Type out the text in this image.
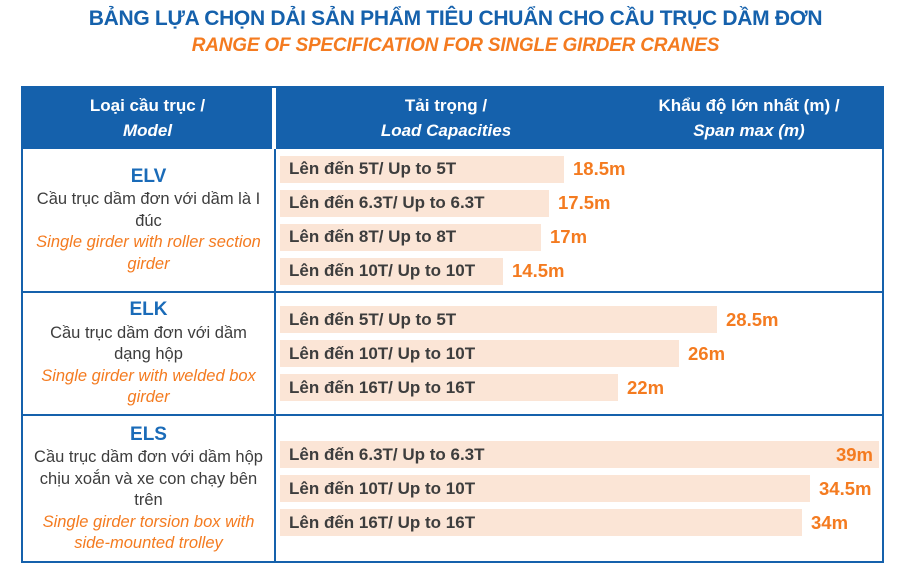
BẢNG LỰA CHỌN DẢI SẢN PHẨM TIÊU CHUẨN CHO CẦU TRỤC DẦM ĐƠN
RANGE OF SPECIFICATION FOR SINGLE GIRDER CRANES
Loại cầu trục /
Model
Tải trọng /
Load Capacities
Khẩu độ lớn nhất (m) /
Span max (m)
ELV
Cầu trục dầm đơn với dầm là I đúc
Single girder with roller section girder
Lên đến 5T/ Up to 5T	18.5m
Lên đến 6.3T/ Up to 6.3T	17.5m
Lên đến 8T/ Up to 8T	17m
Lên đến 10T/ Up to 10T 14.5m
ELK
Cầu trục dầm đơn với dầm dạng hộp
Single girder with welded box girder
Lên đến 5T/ Up to 5T	28.5m
Lên đến 10T/ Up to 10T	26m
Lên đến 16T/ Up to 16T	22m
ELS
Cầu trục dầm đơn với dầm hộp chịu xoắn và xe con chạy bên trên
Single girder torsion box with side-mounted trolley
Lên đến 6.3T/ Up to 6.3T	39m
Lên đến 10T/ Up to 10T	34.5m
Lên đến 16T/ Up to 16T	34m
